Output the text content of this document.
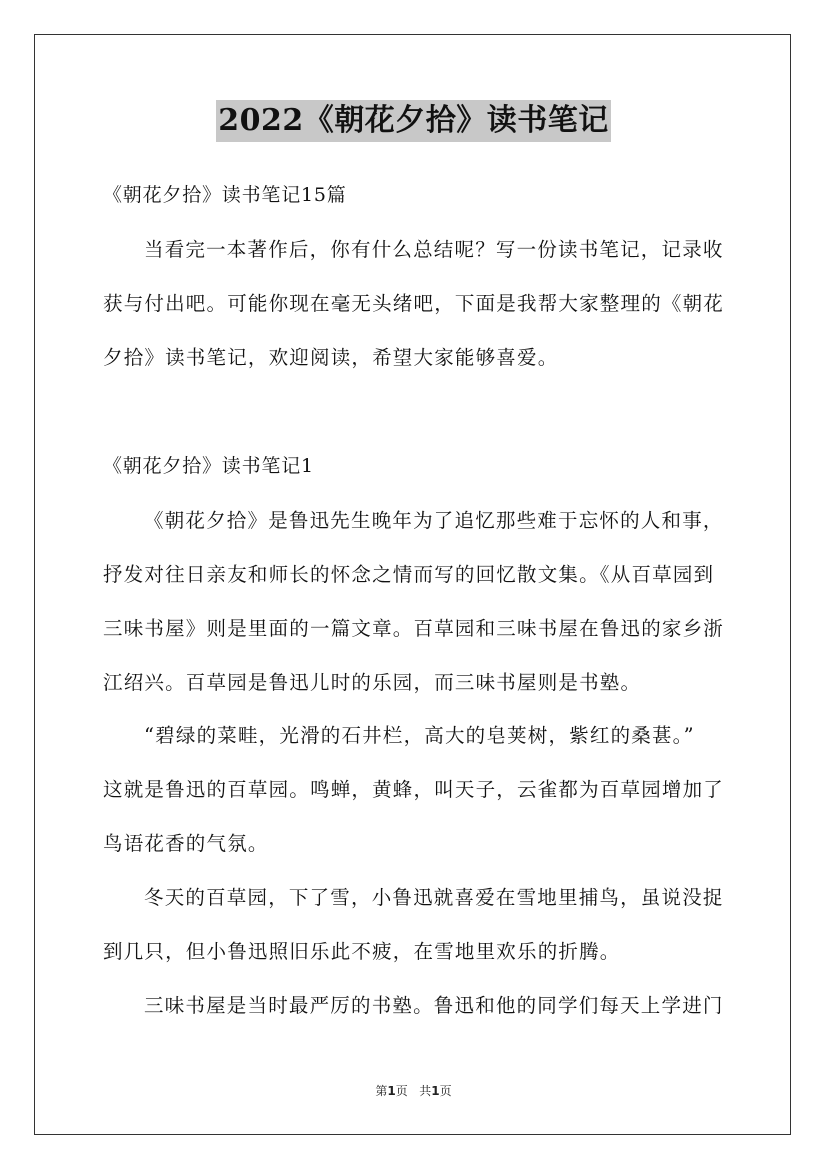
2022《朝花夕拾》读书笔记
《朝花夕拾》读书笔记15篇
当看完一本著作后，你有什么总结呢？写一份读书笔记，记录收
获与付出吧。可能你现在毫无头绪吧，下面是我帮大家整理的《朝花
夕拾》读书笔记，欢迎阅读，希望大家能够喜爱。
《朝花夕拾》读书笔记1
《朝花夕拾》是鲁迅先生晚年为了追忆那些难于忘怀的人和事，
抒发对往日亲友和师长的怀念之情而写的回忆散文集。《从百草园到
三味书屋》则是里面的一篇文章。百草园和三味书屋在鲁迅的家乡浙
江绍兴。百草园是鲁迅儿时的乐园，而三味书屋则是书塾。
“碧绿的菜畦，光滑的石井栏，高大的皂荚树，紫红的桑葚。”
这就是鲁迅的百草园。鸣蝉，黄蜂，叫天子，云雀都为百草园增加了
鸟语花香的气氛。
冬天的百草园，下了雪，小鲁迅就喜爱在雪地里捕鸟，虽说没捉
到几只，但小鲁迅照旧乐此不疲，在雪地里欢乐的折腾。
三味书屋是当时最严厉的书塾。鲁迅和他的同学们每天上学进门
第1页 共1页
